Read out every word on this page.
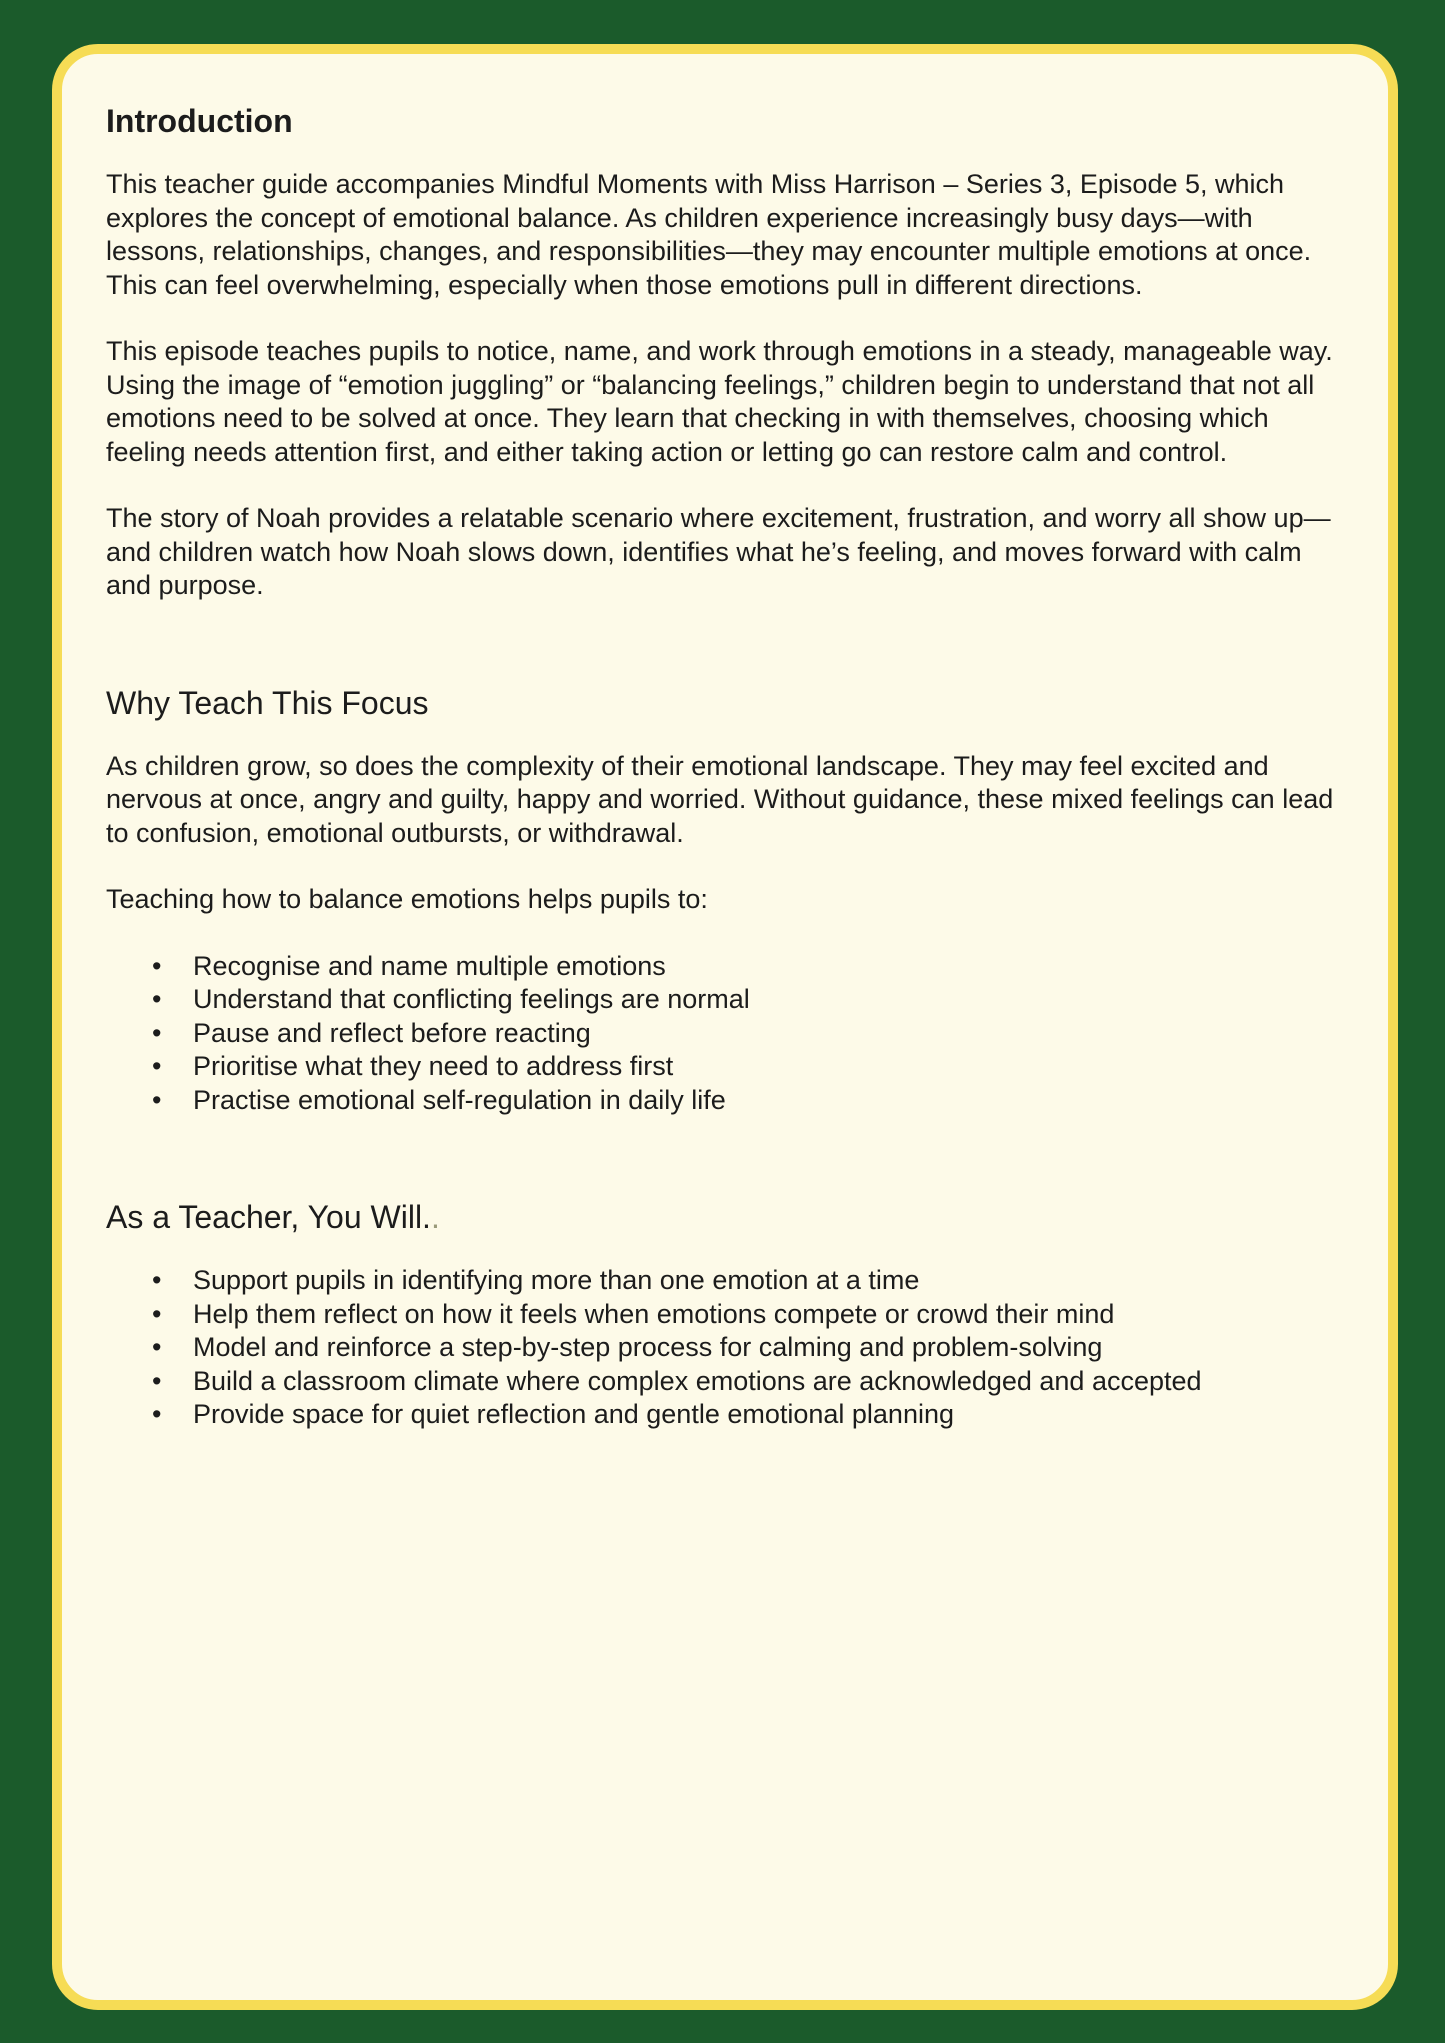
Introduction

This teacher guide accompanies Mindful Moments with Miss Harrison – Series 3, Episode 5, which explores the concept of emotional balance. As children experience increasingly busy days—with lessons, relationships, changes, and responsibilities—they may encounter multiple emotions at once. This can feel overwhelming, especially when those emotions pull in different directions.

This episode teaches pupils to notice, name, and work through emotions in a steady, manageable way. Using the image of “emotion juggling” or “balancing feelings,” children begin to understand that not all emotions need to be solved at once. They learn that checking in with themselves, choosing which feeling needs attention first, and either taking action or letting go can restore calm and control.

The story of Noah provides a relatable scenario where excitement, frustration, and worry all show up—and children watch how Noah slows down, identifies what he’s feeling, and moves forward with calm and purpose.

Why Teach This Focus

As children grow, so does the complexity of their emotional landscape. They may feel excited and nervous at once, angry and guilty, happy and worried. Without guidance, these mixed feelings can lead to confusion, emotional outbursts, or withdrawal.

Teaching how to balance emotions helps pupils to:

• Recognise and name multiple emotions
• Understand that conflicting feelings are normal
• Pause and reflect before reacting
• Prioritise what they need to address first
• Practise emotional self-regulation in daily life
As a Teacher, You Will..
• Support pupils in identifying more than one emotion at a time
• Help them reflect on how it feels when emotions compete or crowd their mind
• Model and reinforce a step-by-step process for calming and problem-solving
• Build a classroom climate where complex emotions are acknowledged and accepted
• Provide space for quiet reflection and gentle emotional planning
